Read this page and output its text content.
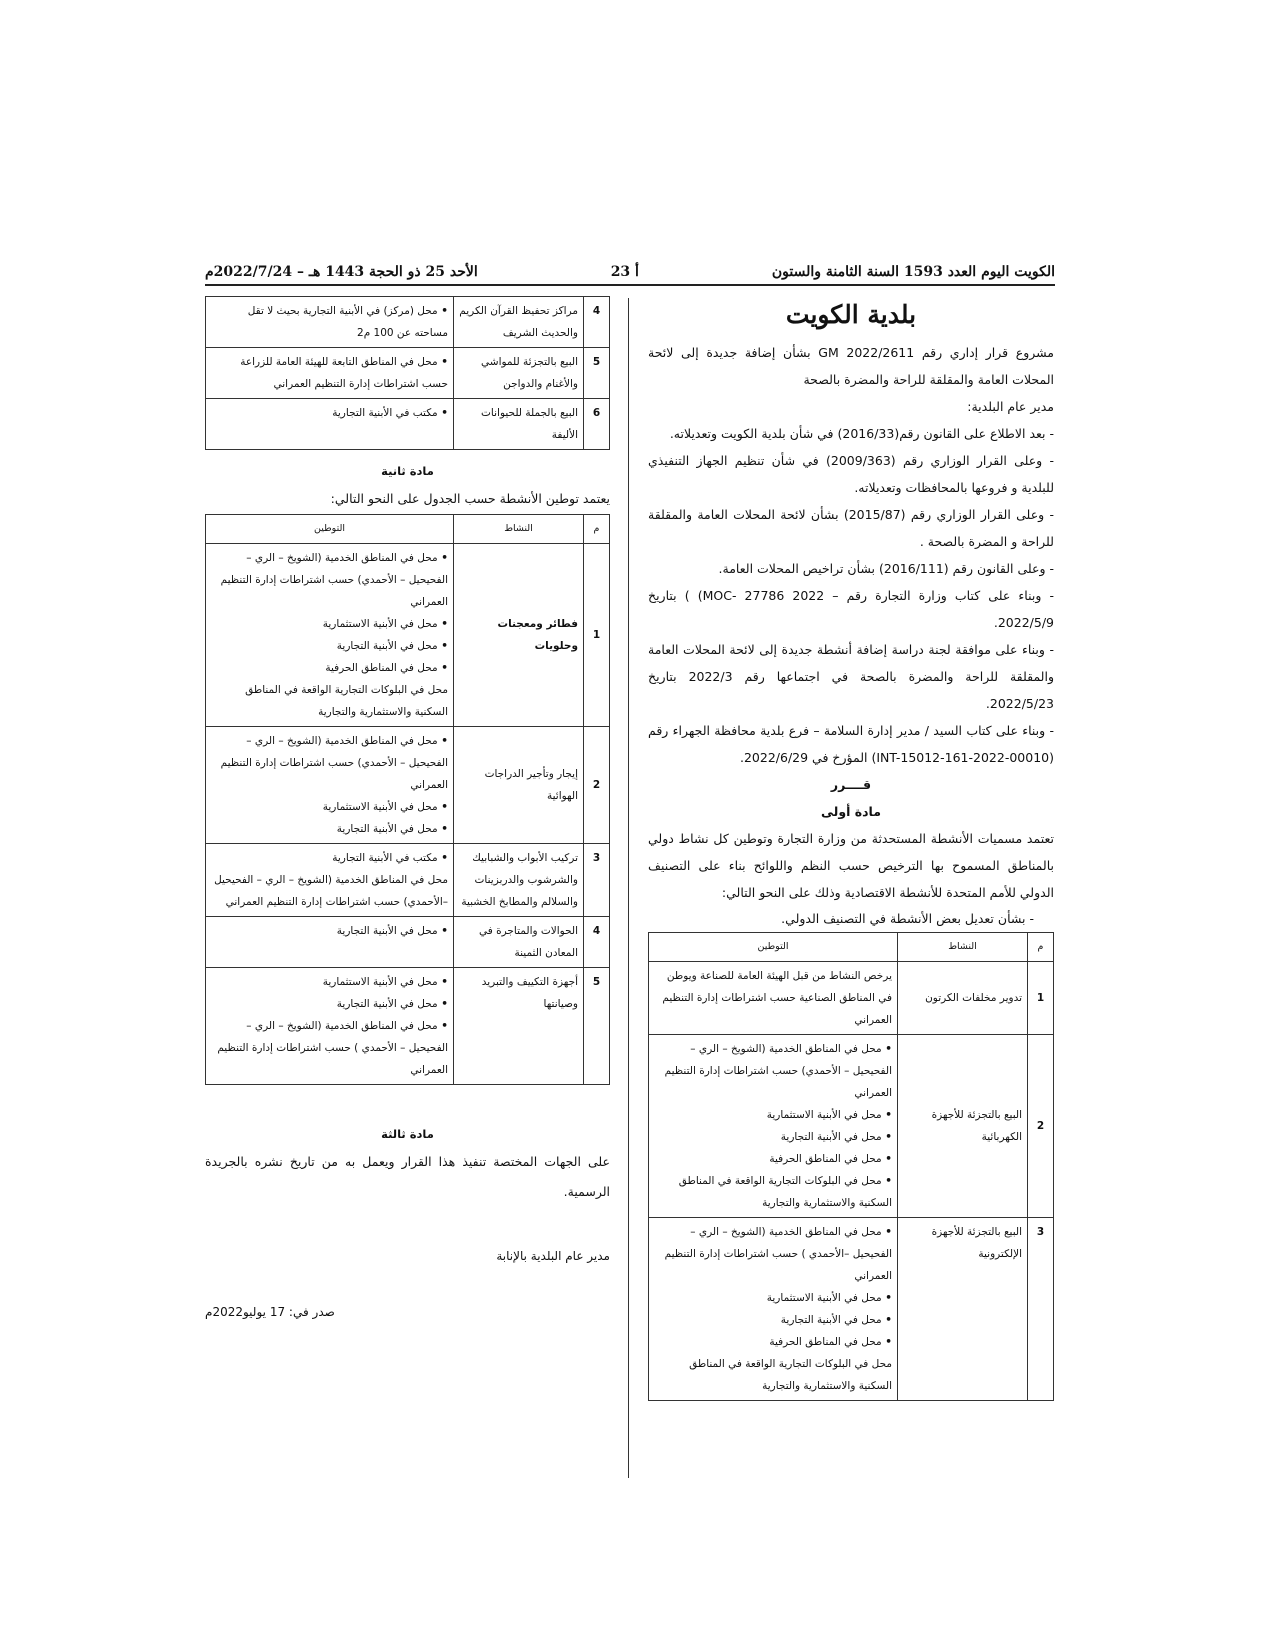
الكويت اليوم العدد 1593 السنة الثامنة والستون
أ 23
الأحد 25 ذو الحجة 1443 هـ – 2022/7/24م
بلدية الكويت
مشروع قرار إداري رقم GM 2022/2611 بشأن إضافة جديدة إلى لائحة المحلات العامة والمقلقة للراحة والمضرة بالصحة
مدير عام البلدية:
- بعد الاطلاع على القانون رقم(2016/33) في شأن بلدية الكويت وتعديلاته.
- وعلى القرار الوزاري رقم (2009/363) في شأن تنظيم الجهاز التنفيذي للبلدية و فروعها بالمحافظات وتعديلاته.
- وعلى القرار الوزاري رقم (2015/87) بشأن لائحة المحلات العامة والمقلقة للراحة و المضرة بالصحة .
- وعلى القانون رقم (2016/111) بشأن تراخيص المحلات العامة.
- وبناء على كتاب وزارة التجارة رقم – MOC- 27786 2022) ) بتاريخ 2022/5/9.
- وبناء على موافقة لجنة دراسة إضافة أنشطة جديدة إلى لائحة المحلات العامة والمقلقة للراحة والمضرة بالصحة في اجتماعها رقم 2022/3 بتاريخ 2022/5/23.
- وبناء على كتاب السيد / مدير إدارة السلامة – فرع بلدية محافظة الجهراء رقم (INT-15012-161-2022-00010) المؤرخ في 2022/6/29.
قــــرر
مادة أولى
تعتمد مسميات الأنشطة المستحدثة من وزارة التجارة وتوطين كل نشاط دولي بالمناطق المسموح بها الترخيص حسب النظم واللوائح بناء على التصنيف الدولي للأمم المتحدة للأنشطة الاقتصادية وذلك على النحو التالي:
- بشأن تعديل بعض الأنشطة في التصنيف الدولي.
م	النشاط	التوطين
1	تدوير مخلفات الكرتون	يرخص النشاط من قبل الهيئة العامة للصناعة ويوطن في المناطق الصناعية حسب اشتراطات إدارة التنظيم العمراني

2	البيع بالتجزئة للأجهزة الكهربائية	• محل في المناطق الخدمية (الشويخ – الري – الفحيحيل – الأحمدي) حسب اشتراطات إدارة التنظيم العمراني
• محل في الأبنية الاستثمارية
• محل في الأبنية التجارية
• محل في المناطق الحرفية
• محل في البلوكات التجارية الواقعة في المناطق السكنية والاستثمارية والتجارية

3	البيع بالتجزئة للأجهزة الإلكترونية	• محل في المناطق الخدمية (الشويخ – الري – الفحيحيل –الأحمدي ) حسب اشتراطات إدارة التنظيم العمراني
• محل في الأبنية الاستثمارية
• محل في الأبنية التجارية
• محل في المناطق الحرفية
محل في البلوكات التجارية الواقعة في المناطق السكنية والاستثمارية والتجارية
4	مراكز تحفيظ القرآن الكريم والحديث الشريف	• محل (مركز) في الأبنية التجارية بحيث لا تقل مساحته عن 100 م2

5	البيع بالتجزئة للمواشي والأغنام والدواجن	• محل في المناطق التابعة للهيئة العامة للزراعة حسب اشتراطات إدارة التنظيم العمراني

6	البيع بالجملة للحيوانات الأليفة	• مكتب في الأبنية التجارية
مادة ثانية
يعتمد توطين الأنشطة حسب الجدول على النحو التالي:
م	النشاط	التوطين
1	فطائر ومعجنات وحلويات	• محل في المناطق الخدمية (الشويخ – الري – الفحيحيل – الأحمدي) حسب اشتراطات إدارة التنظيم العمراني
• محل في الأبنية الاستثمارية
• محل في الأبنية التجارية
• محل في المناطق الحرفية
محل في البلوكات التجارية الواقعة في المناطق السكنية والاستثمارية والتجارية

2	إيجار وتأجير الدراجات الهوائية	• محل في المناطق الخدمية (الشويخ – الري – الفحيحيل – الأحمدي) حسب اشتراطات إدارة التنظيم العمراني
• محل في الأبنية الاستثمارية
• محل في الأبنية التجارية

3	تركيب الأبواب والشبابيك والشرشوب والدربزينات والسلالم والمطابخ الخشبية	• مكتب في الأبنية التجارية
محل في المناطق الخدمية (الشويخ – الري – الفحيحيل –الأحمدي) حسب اشتراطات إدارة التنظيم العمراني

4	الحوالات والمتاجرة في المعادن الثمينة	• محل في الأبنية التجارية

5	أجهزة التكييف والتبريد وصيانتها	• محل في الأبنية الاستثمارية
• محل في الأبنية التجارية
• محل في المناطق الخدمية (الشويخ – الري – الفحيحيل – الأحمدي ) حسب اشتراطات إدارة التنظيم العمراني
مادة ثالثة
على الجهات المختصة تنفيذ هذا القرار ويعمل به من تاريخ نشره بالجريدة الرسمية.
مدير عام البلدية بالإنابة
صدر في: 17 يوليو2022م
